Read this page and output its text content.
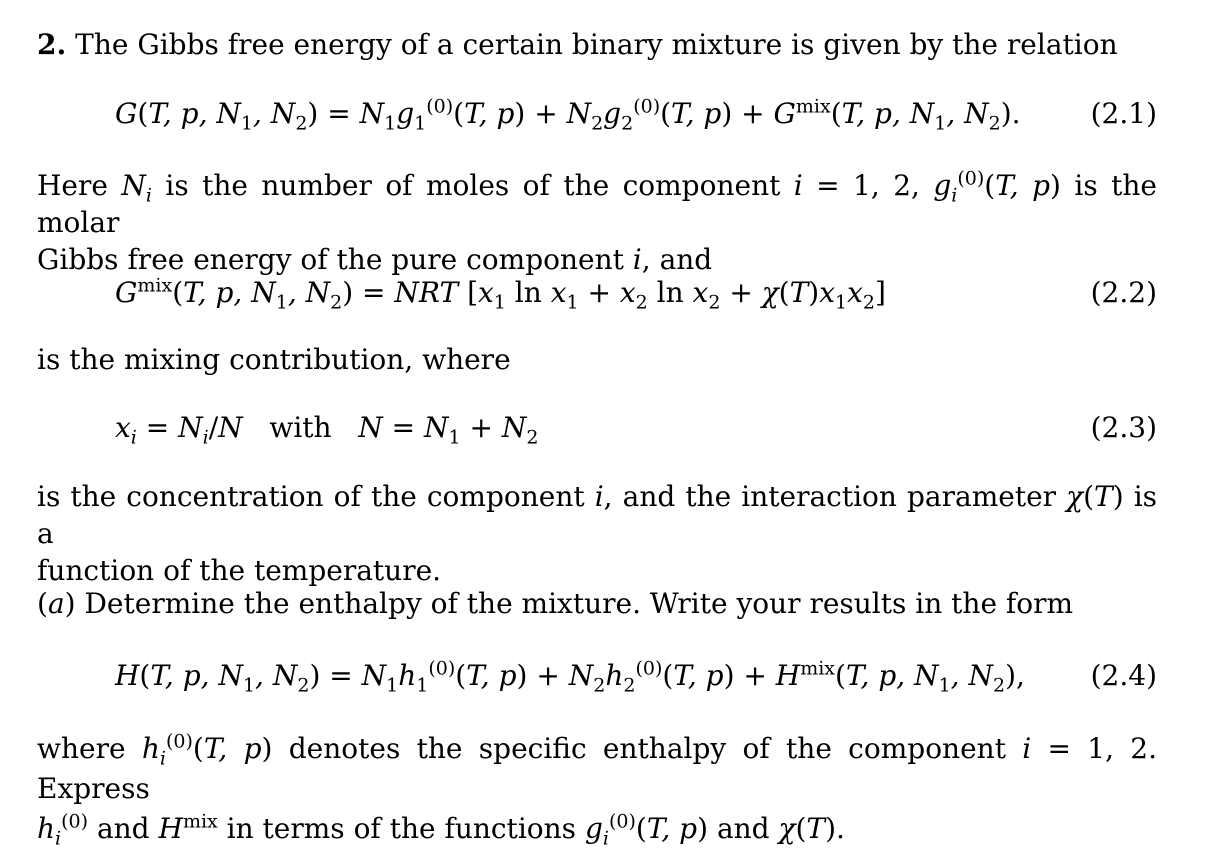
2. The Gibbs free energy of a certain binary mixture is given by the relation
G(T, p, $N_1$, $N_2) = N_1g_1^{(0)}(T$, $p) + N_2g_2^{(0)}(T$, $p) + G^{mix}(T$, p, $N_1$, $N_2$).	(2.1)
Here $N_i$ is the number of moles of the component i = 1, 2, $g_i^{(0)}(T$, p) is the molar
Gibbs free energy of the pure component i, and
$G^{mix}(T$, p, $N_1$, $N_2$) = NRT [$x_1$ $\ln x_1 + x_2$ $\ln x_2 + \chi(T)x_1x_2$]	(2.2)
is the mixing contribution, where
$x_i = N_i/N$ with $N = N_1 + N_2$	(2.3)
is the concentration of the component i, and the interaction parameter χ(T) is a
function of the temperature.
(a) Determine the enthalpy of the mixture. Write your results in the form
H(T, p, $N_1$, $N_2) = N_1h_1^{(0)}(T$, $p) + N_2h_2^{(0)}(T$, $p) + H^{mix}(T$, p, $N_1$, $N_2$), (2.4)
where $h_i^{(0)}(T$, p) denotes the specific enthalpy of the component i = 1, 2. Express
$h_i^{(0)}$ and $H^{mix}$ in terms of the functions $g_i^{(0)}(T$, p) and χ(T).
